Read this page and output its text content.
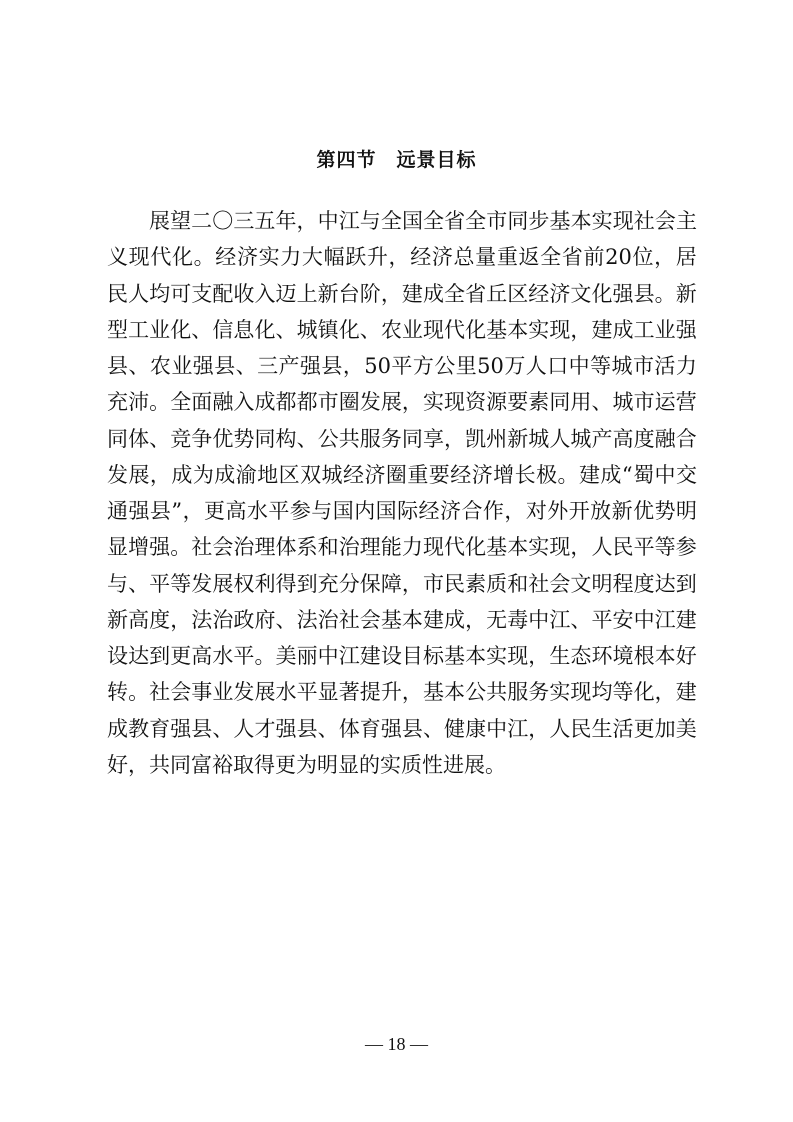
第四节　远景目标
展 望 二 〇 三 五 年 ， 中 江 与 全 国 全 省 全 市 同 步 基 本 实 现 社 会 主
义 现 代 化 。 经 济 实 力 大 幅 跃 升 ， 经 济 总 量 重 返 全 省 前 20 位 ， 居
民 人 均 可 支 配 收 入 迈 上 新 台 阶 ， 建 成 全 省 丘 区 经 济 文 化 强 县 。 新
型 工 业 化 、 信 息 化 、 城 镇 化 、 农 业 现 代 化 基 本 实 现 ， 建 成 工 业 强
县 、 农 业 强 县 、 三 产 强 县 ， 50 平 方 公 里 50 万 人 口 中 等 城 市 活 力
充 沛 。 全 面 融 入 成 都 都 市 圈 发 展 ， 实 现 资 源 要 素 同 用 、 城 市 运 营
同 体 、 竞 争 优 势 同 构 、 公 共 服 务 同 享 ， 凯 州 新 城 人 城 产 高 度 融 合
发 展 ， 成 为 成 渝 地 区 双 城 经 济 圈 重 要 经 济 增 长 极 。 建 成 “ 蜀 中 交
通 强 县 ” ， 更 高 水 平 参 与 国 内 国 际 经 济 合 作 ， 对 外 开 放 新 优 势 明
显 增 强 。 社 会 治 理 体 系 和 治 理 能 力 现 代 化 基 本 实 现 ， 人 民 平 等 参
与 、 平 等 发 展 权 利 得 到 充 分 保 障 ， 市 民 素 质 和 社 会 文 明 程 度 达 到
新 高 度 ， 法 治 政 府 、 法 治 社 会 基 本 建 成 ， 无 毒 中 江 、 平 安 中 江 建
设 达 到 更 高 水 平 。 美 丽 中 江 建 设 目 标 基 本 实 现 ， 生 态 环 境 根 本 好
转 。 社 会 事 业 发 展 水 平 显 著 提 升 ， 基 本 公 共 服 务 实 现 均 等 化 ， 建
成 教 育 强 县 、 人 才 强 县 、 体 育 强 县 、 健 康 中 江 ， 人 民 生 活 更 加 美
好，共同富裕取得更为明显的实质性进展。
— 18 —
